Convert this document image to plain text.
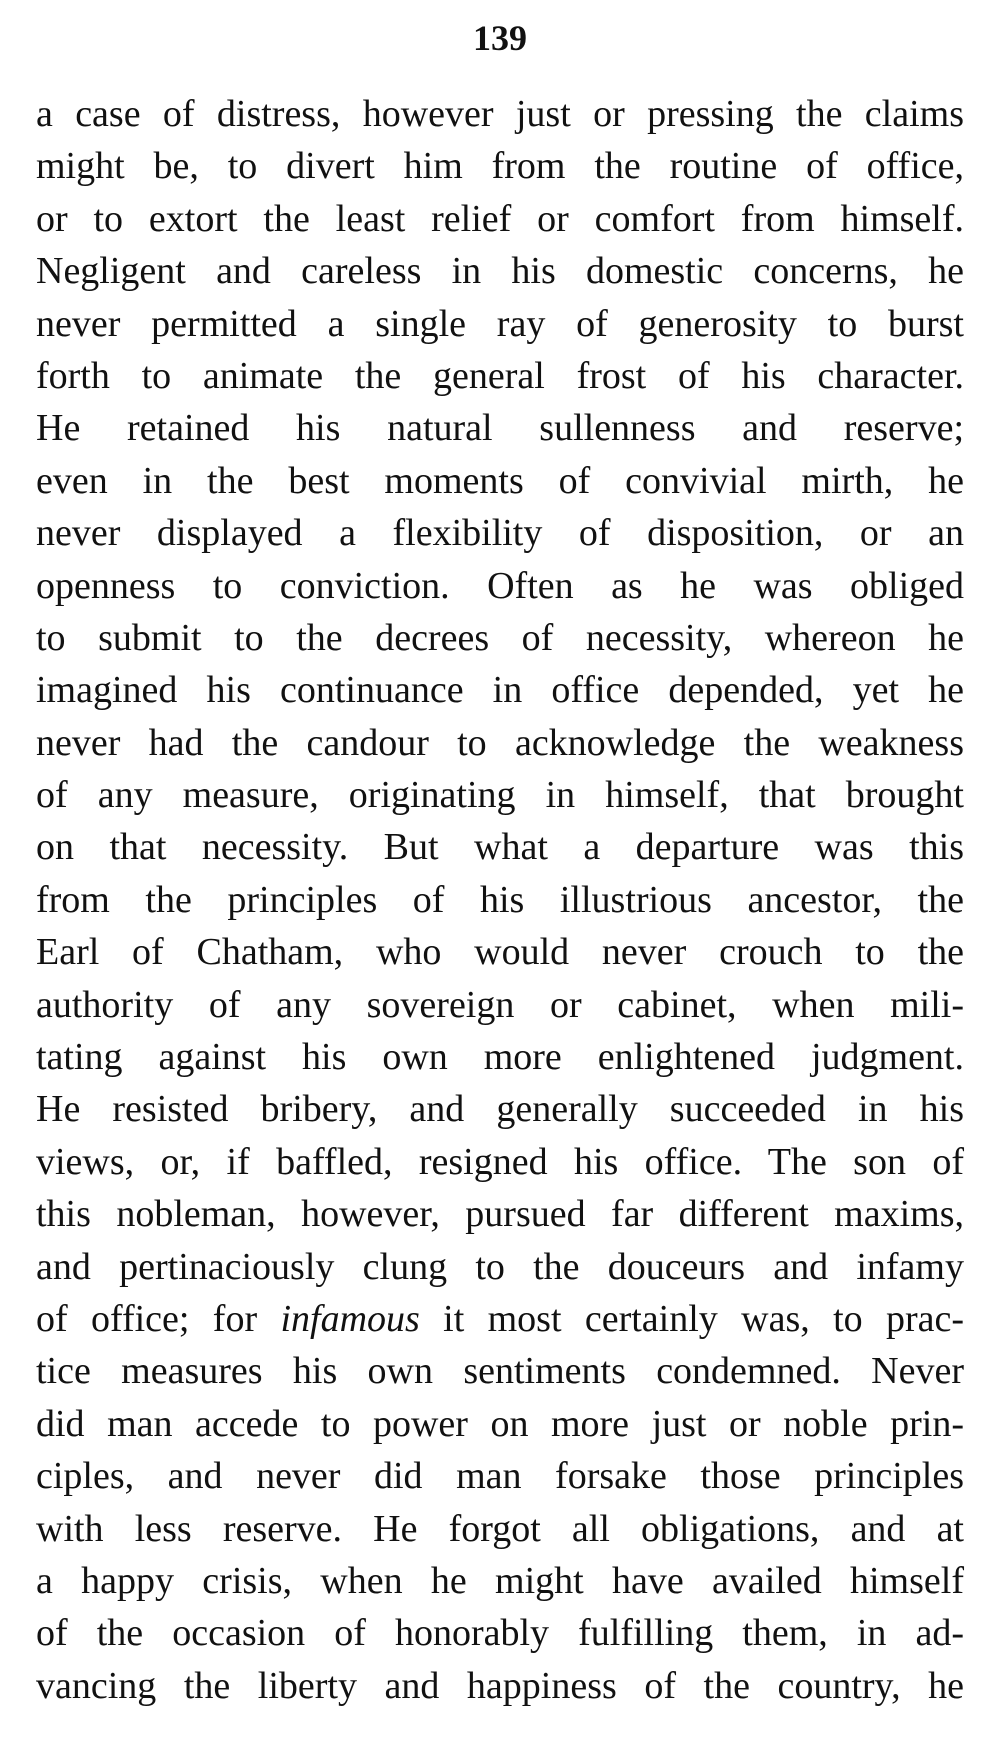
139
a case of distress, however just or pressing the claims
might be, to divert him from the routine of office,
or to extort the least relief or comfort from himself.
Negligent and careless in his domestic concerns, he
never permitted a single ray of generosity to burst
forth to animate the general frost of his character.
He retained his natural sullenness and reserve;
even in the best moments of convivial mirth, he
never displayed a flexibility of disposition, or an
openness to conviction. Often as he was obliged
to submit to the decrees of necessity, whereon he
imagined his continuance in office depended, yet he
never had the candour to acknowledge the weakness
of any measure, originating in himself, that brought
on that necessity. But what a departure was this
from the principles of his illustrious ancestor, the
Earl of Chatham, who would never crouch to the
authority of any sovereign or cabinet, when mili-
tating against his own more enlightened judgment.
He resisted bribery, and generally succeeded in his
views, or, if baffled, resigned his office. The son of
this nobleman, however, pursued far different maxims,
and pertinaciously clung to the douceurs and infamy
of office; for infamous it most certainly was, to prac-
tice measures his own sentiments condemned. Never
did man accede to power on more just or noble prin-
ciples, and never did man forsake those principles
with less reserve. He forgot all obligations, and at
a happy crisis, when he might have availed himself
of the occasion of honorably fulfilling them, in ad-
vancing the liberty and happiness of the country, he
